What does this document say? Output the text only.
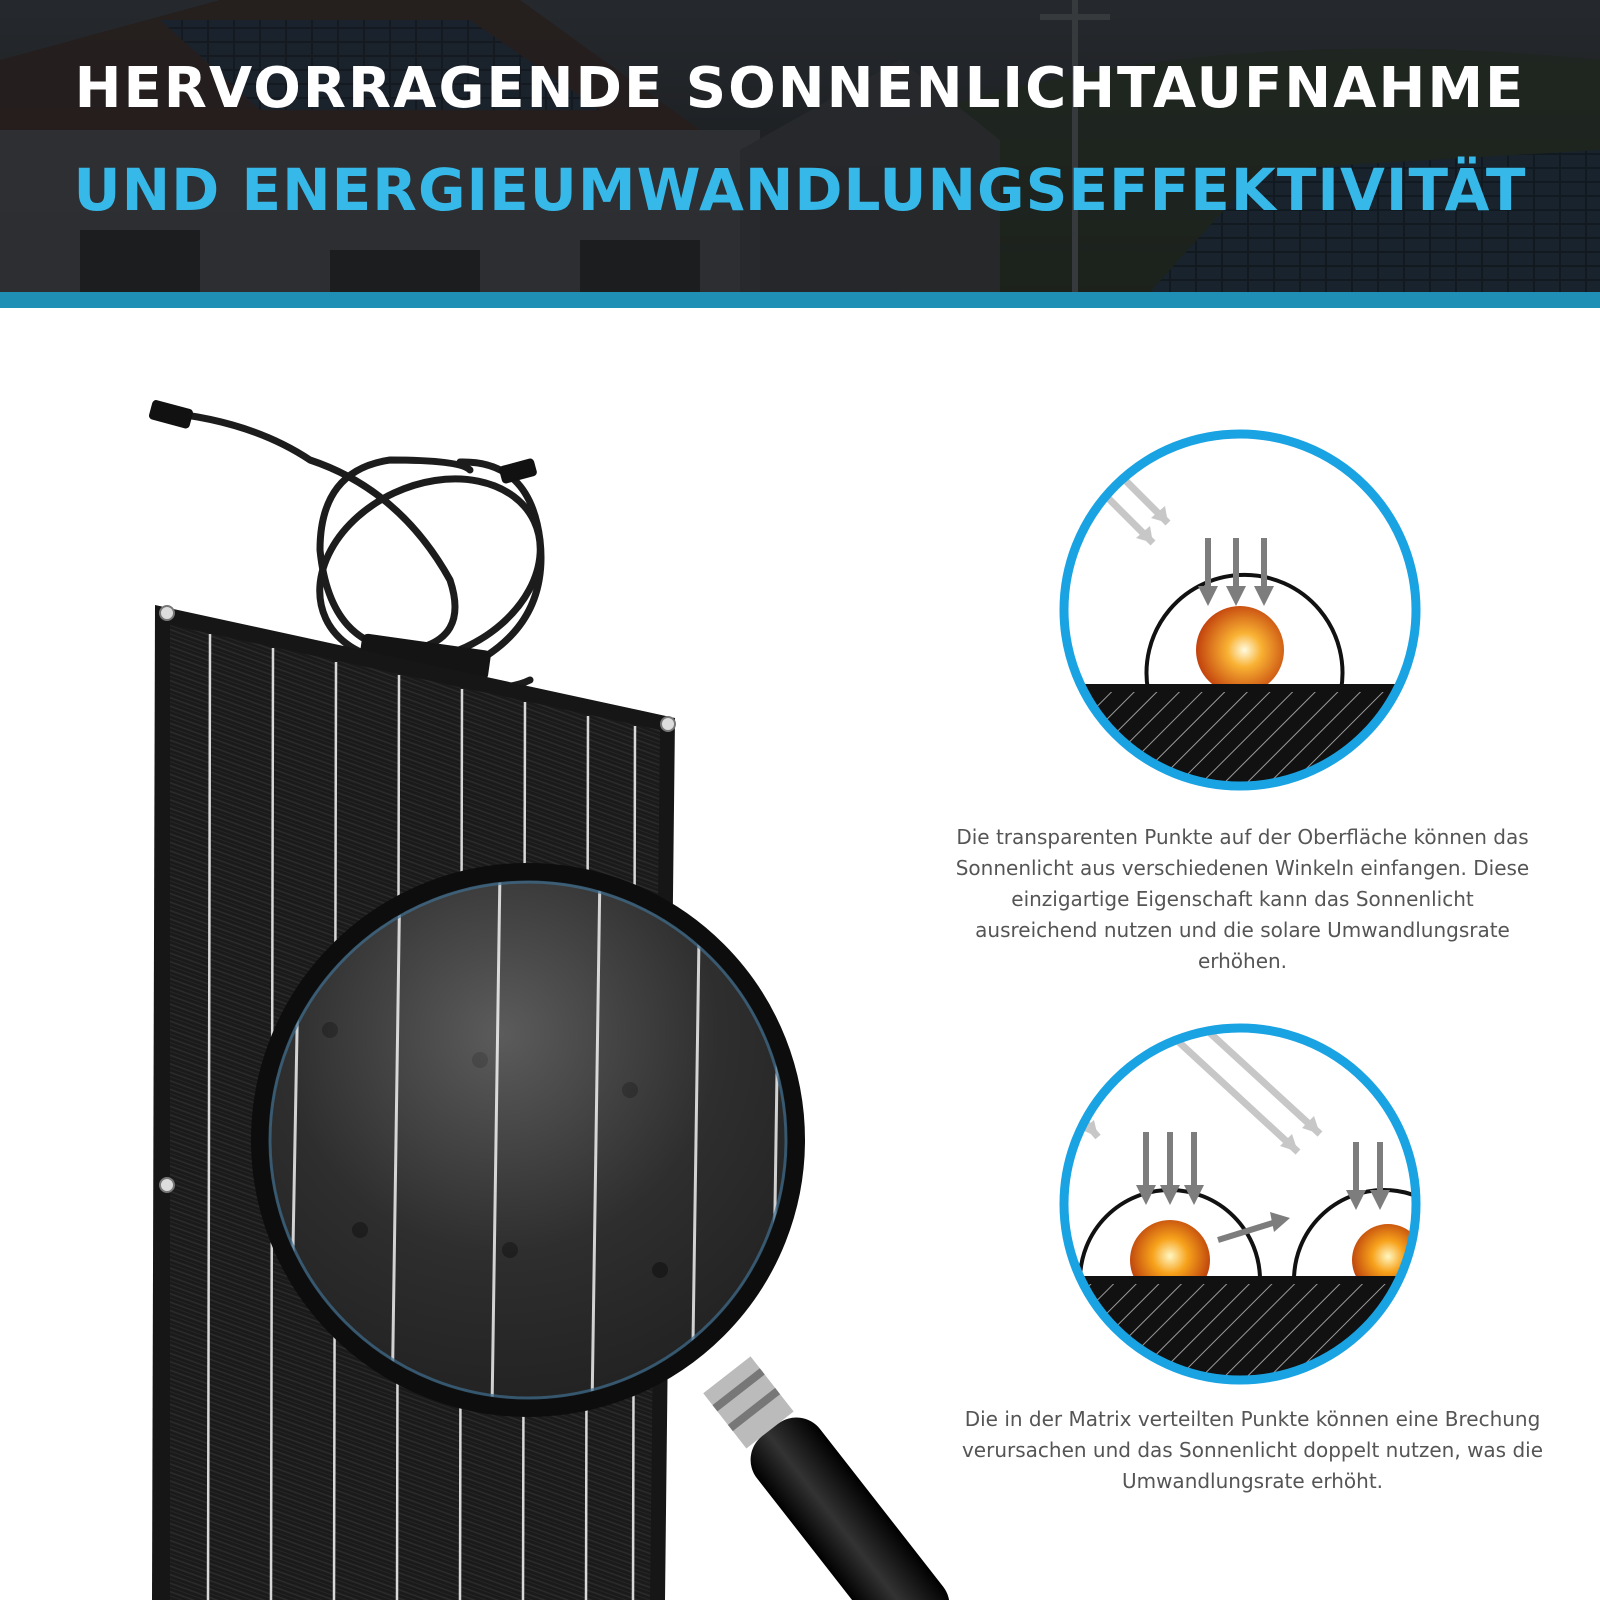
HERVORRAGENDE SONNENLICHTAUFNAHME
UND ENERGIEUMWANDLUNGSEFFEKTIVITÄT
Die transparenten Punkte auf der Oberfläche können das Sonnenlicht aus verschiedenen Winkeln einfangen. Diese einzigartige Eigenschaft kann das Sonnenlicht ausreichend nutzen und die solare Umwandlungsrate erhöhen.
Die in der Matrix verteilten Punkte können eine Brechung verursachen und das Sonnenlicht doppelt nutzen, was die Umwandlungsrate erhöht.
